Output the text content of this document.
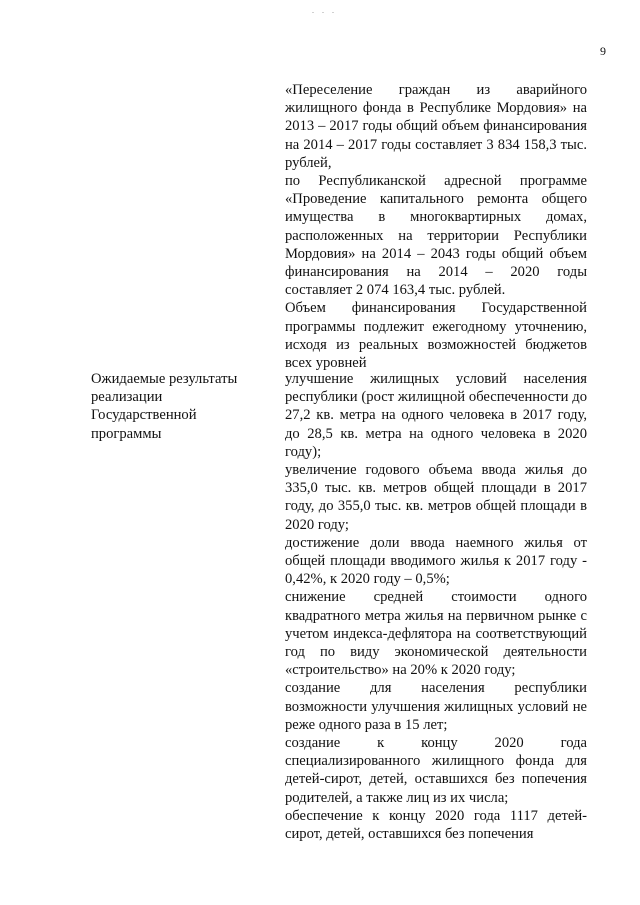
. . .
9

«Переселение граждан из аварийного жилищного фонда в Республике Мордовия» на 2013 – 2017 годы общий объем финансирования на 2014 – 2017 годы составляет 3 834 158,3 тыс. рублей,

по Республиканской адресной программе «Проведение капитального ремонта общего имущества в многоквартирных домах, расположенных на территории Республики Мордовия» на 2014 – 2043 годы общий объем финансирования на 2014 – 2020 годы составляет 2 074 163,4 тыс. рублей.

Объем финансирования Государственной программы подлежит ежегодному уточнению, исходя из реальных возможностей бюджетов всех уровней

Ожидаемые результаты
реализации
Государственной
программы

улучшение жилищных условий населения республики (рост жилищной обеспеченности до 27,2 кв. метра на одного человека в 2017 году, до 28,5 кв. метра на одного человека в 2020 году);

увеличение годового объема ввода жилья до 335,0 тыс. кв. метров общей площади в 2017 году, до 355,0 тыс. кв. метров общей площади в 2020 году;

достижение доли ввода наемного жилья от общей площади вводимого жилья к 2017 году - 0,42%, к 2020 году – 0,5%;

снижение средней стоимости одного квадратного метра жилья на первичном рынке с учетом индекса-дефлятора на соответствующий год по виду экономической деятельности «строительство» на 20% к 2020 году;

создание для населения республики возможности улучшения жилищных условий не реже одного раза в 15 лет;

создание к концу 2020 года специализированного жилищного фонда для детей-сирот, детей, оставшихся без попечения родителей, а также лиц из их числа;

обеспечение к концу 2020 года 1117 детей-сирот, детей, оставшихся без попечения
